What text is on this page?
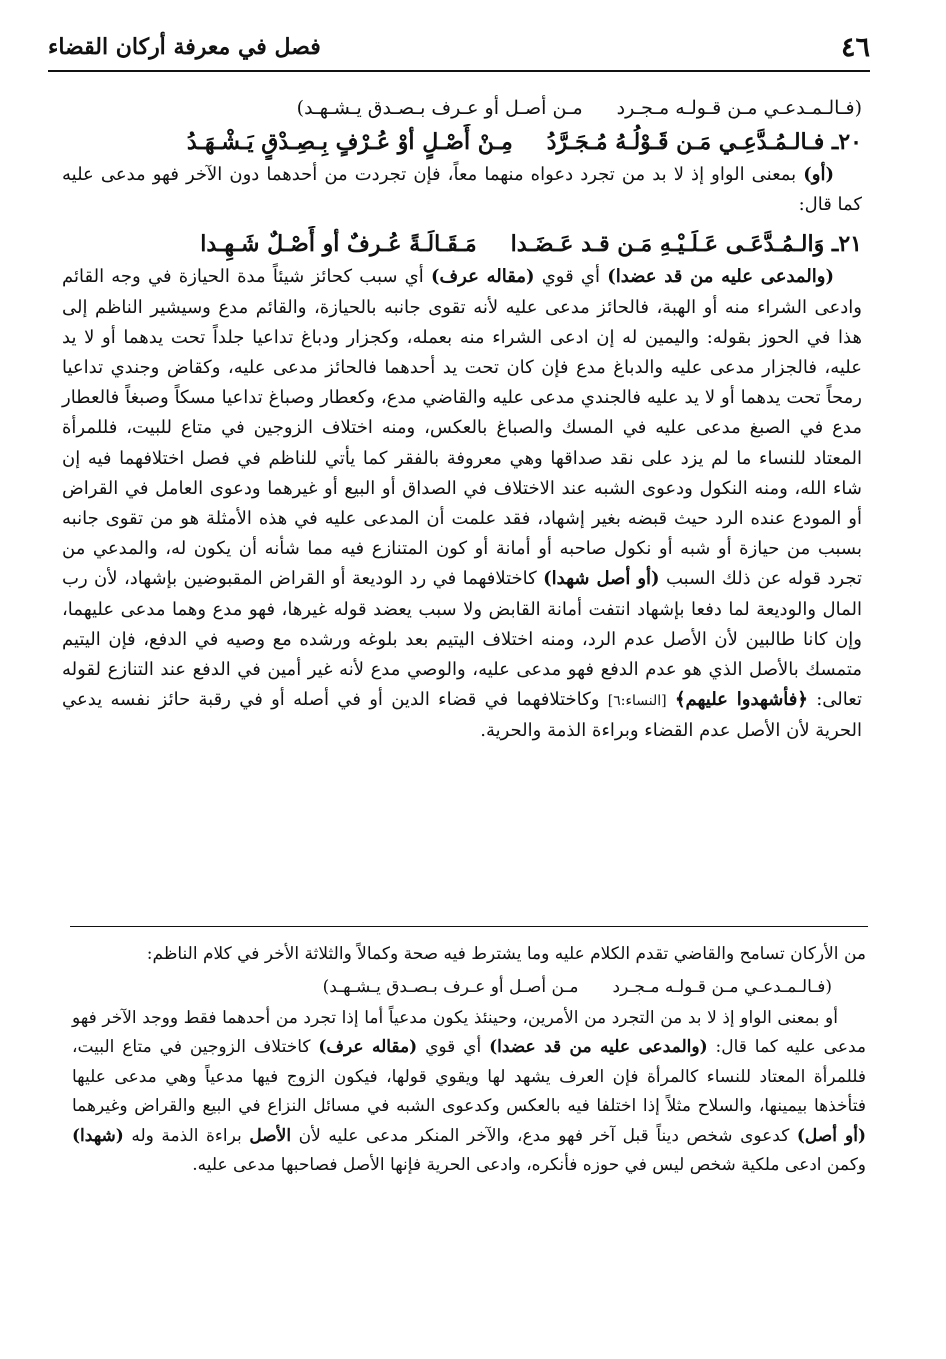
٤٦
فصل في معرفة أركان القضاء
(فـالـمـدعـي مـن قـولـه مـجـردمـن أصـل أو عـرف بـصـدق يـشـهـد)
٢٠ـ فـالـمُـدَّعِـي مَـن قَـوْلُـهُ مُـجَـرَّدُمِـنْ أَصْـلٍ أوْ عُـرْفٍ بِـصِـدْقٍ يَـشْـهَـدُ

(أو) بمعنى الواو إذ لا بد من تجرد دعواه منهما معاً، فإن تجردت من أحدهما دون الآخر فهو مدعى عليه كما قال:

٢١ـ وَالـمُـدَّعَـى عَـلَـيْـهِ مَـن قـد عَـضَـدامَـقَـالَـةً عُـرفٌ أو أَصْـلٌ شَـهِـدا

(والمدعى عليه من قد عضدا) أي قوي (مقاله عرف) أي سبب كحائز شيئاً مدة الحيازة في وجه القائم وادعى الشراء منه أو الهبة، فالحائز مدعى عليه لأنه تقوى جانبه بالحيازة، والقائم مدع وسيشير الناظم إلى هذا في الحوز بقوله: واليمين له إن ادعى الشراء منه بعمله، وكجزار ودباغ تداعيا جلداً تحت يدهما أو لا يد عليه، فالجزار مدعى عليه والدباغ مدع فإن كان تحت يد أحدهما فالحائز مدعى عليه، وكقاض وجندي تداعيا رمحاً تحت يدهما أو لا يد عليه فالجندي مدعى عليه والقاضي مدع، وكعطار وصباغ تداعيا مسكاً وصبغاً فالعطار مدع في الصبغ مدعى عليه في المسك والصباغ بالعكس، ومنه اختلاف الزوجين في متاع للبيت، فللمرأة المعتاد للنساء ما لم يزد على نقد صداقها وهي معروفة بالفقر كما يأتي للناظم في فصل اختلافهما فيه إن شاء الله، ومنه النكول ودعوى الشبه عند الاختلاف في الصداق أو البيع أو غيرهما ودعوى العامل في القراض أو المودع عنده الرد حيث قبضه بغير إشهاد، فقد علمت أن المدعى عليه في هذه الأمثلة هو من تقوى جانبه بسبب من حيازة أو شبه أو نكول صاحبه أو أمانة أو كون المتنازع فيه مما شأنه أن يكون له، والمدعي من تجرد قوله عن ذلك السبب (أو أصل شهدا) كاختلافهما في رد الوديعة أو القراض المقبوضين بإشهاد، لأن رب المال والوديعة لما دفعا بإشهاد انتفت أمانة القابض ولا سبب يعضد قوله غيرها، فهو مدع وهما مدعى عليهما، وإن كانا طالبين لأن الأصل عدم الرد، ومنه اختلاف اليتيم بعد بلوغه ورشده مع وصيه في الدفع، فإن اليتيم متمسك بالأصل الذي هو عدم الدفع فهو مدعى عليه، والوصي مدع لأنه غير أمين في الدفع عند التنازع لقوله تعالى: ﴿فأشهدوا عليهم﴾ [النساء:٦] وكاختلافهما في قضاء الدين أو في أصله أو في رقبة حائز نفسه يدعي الحرية لأن الأصل عدم القضاء وبراءة الذمة والحرية.

من الأركان تسامح والقاضي تقدم الكلام عليه وما يشترط فيه صحة وكمالاً والثلاثة الأخر في كلام الناظم:

(فـالـمـدعـي مـن قـولـه مـجـردمـن أصـل أو عـرف بـصـدق يـشـهـد)

أو بمعنى الواو إذ لا بد من التجرد من الأمرين، وحينئذ يكون مدعياً أما إذا تجرد من أحدهما فقط ووجد الآخر فهو مدعى عليه كما قال: (والمدعى عليه من قد عضدا) أي قوي (مقاله عرف) كاختلاف الزوجين في متاع البيت، فللمرأة المعتاد للنساء كالمرأة فإن العرف يشهد لها ويقوي قولها، فيكون الزوج فيها مدعياً وهي مدعى عليها فتأخذها بيمينها، والسلاح مثلاً إذا اختلفا فيه بالعكس وكدعوى الشبه في مسائل النزاع في البيع والقراض وغيرهما (أو أصل) كدعوى شخص ديناً قبل آخر فهو مدع، والآخر المنكر مدعى عليه لأن الأصل براءة الذمة وله (شهدا) وكمن ادعى ملكية شخص ليس في حوزه فأنكره، وادعى الحرية فإنها الأصل فصاحبها مدعى عليه.
